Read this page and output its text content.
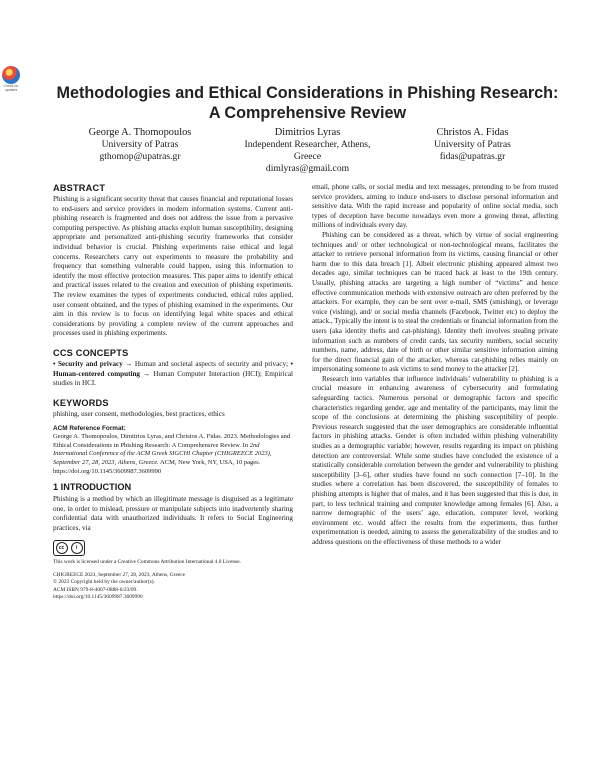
Check for updates Methodologies and Ethical Considerations in Phishing Research: A Comprehensive Review
George A. Thomopoulos
University of Patras
gthomop@upatras.gr
Dimitrios Lyras
Independent Researcher, Athens,
Greece
dimlyras@gmail.com
Christos A. Fidas
University of Patras
fidas@upatras.gr
ABSTRACT

Phishing is a significant security threat that causes financial and reputational losses to end-users and service providers in modern information systems. Current anti-phishing research is fragmented and does not address the issue from a pervasive computing perspective. As phishing attacks exploit human susceptibility, designing appropriate and personalized anti-phishing security frameworks that consider individual behavior is crucial. Phishing experiments raise ethical and legal concerns. Researchers carry out experiments to measure the probability and frequency that something vulnerable could happen, using this information to identify the most effective protection measures. This paper aims to identify ethical and practical issues related to the creation and execution of phishing experiments. The review examines the types of experiments conducted, ethical rules applied, user consent obtained, and the types of phishing examined in the experiments. Our aim in this review is to focus on identifying legal white spaces and ethical considerations by providing a complete review of the current approaches and processes used in phishing experiments.

CCS CONCEPTS

• Security and privacy → Human and societal aspects of security and privacy; • Human-centered computing → Human Computer Interaction (HCI); Empirical studies in HCI.

KEYWORDS

phishing, user consent, methodologies, best practices, ethics

ACM Reference Format:

George A. Thomopoulos, Dimitrios Lyras, and Christos A. Fidas. 2023. Methodologies and Ethical Considerations in Phishing Research: A Comprehensive Review. In 2nd International Conference of the ACM Greek SIGCHI Chapter (CHIGREECE 2023), September 27, 28, 2023, Athens, Greece. ACM, New York, NY, USA, 10 pages. https://doi.org/10.1145/3609987.3609990

1 INTRODUCTION

Phishing is a method by which an illegitimate message is disguised as a legitimate one, in order to mislead, pressure or manipulate subjects into inadvertently sharing confidential data with unauthorized individuals. It refers to Social Engineering practices, via

cc	i

This work is licensed under a Creative Commons Attribution International 4.0 License.

CHIGREECE 2023, September 27, 28, 2023, Athens, Greece

© 2023 Copyright held by the owner/author(s).

ACM ISBN 979-8-4007-0888-6/23/09.

https://doi.org/10.1145/3609987.3609990

email, phone calls, or social media and text messages, pretending to be from trusted service providers, aiming to induce end-users to disclose personal information and sensitive data. With the rapid increase and popularity of online social media, such types of deception have become nowadays even more a growing threat, affecting millions of individuals every day.

Phishing can be considered as a threat, which by virtue of social engineering techniques and/ or other technological or non-technological means, facilitates the attacker to retrieve personal information from its victims, causing financial or other harm due to this data breach [1]. Albeit electronic phishing appeared almost two decades ago, similar techniques can be traced back at least to the 19th century. Usually, phishing attacks are targeting a high number of “victims” and hence effective communication methods with extensive outreach are often preferred by the attackers. For example, they can be sent over e-mail, SMS (smishing), or leverage voice (vishing), and/ or social media channels (Facebook, Twitter etc) to deploy the attack., Typically the intent is to steal the credentials or financial information from the users (aka identity thefts and cat-phishing). Identity theft involves stealing private information such as numbers of credit cards, tax security numbers, social security numbers, name, address, date of birth or other similar sensitive information aiming for the direct financial gain of the attacker, whereas cat-phishing relies mainly on impersonating someone to ask victims to send money to the attacker [2].

Research into variables that influence individuals’ vulnerability to phishing is a crucial measure in enhancing awareness of cybersecurity and formulating safeguarding tactics. Numerous personal or demographic factors and specific characteristics regarding gender, age and mentality of the participants, may limit the scope of the conclusions at determining the phishing susceptibility of people. Previous research suggested that the user demographics are considerable influential factors in phishing attacks. Gender is often included within phishing vulnerability studies as a demographic variable; however, results regarding its impact on phishing detection are controversial. While some studies have concluded the existence of a statistically considerable correlation between the gender and vulnerability to phishing susceptibility [3–6], other studies have found no such connection [7–10]. In the studies where a correlation has been discovered, the susceptibility of females to phishing attempts is higher that of males, and it has been suggested that this is due, in part, to less technical training and computer knowledge among females [6]. Also, a narrow demographic of the users’ age, education, computer level, working environment etc. would affect the results from the experiments, thus further experimentation is needed, aiming to assess the generalizability of the studies and to address questions on the effectiveness of these methods to a wider
